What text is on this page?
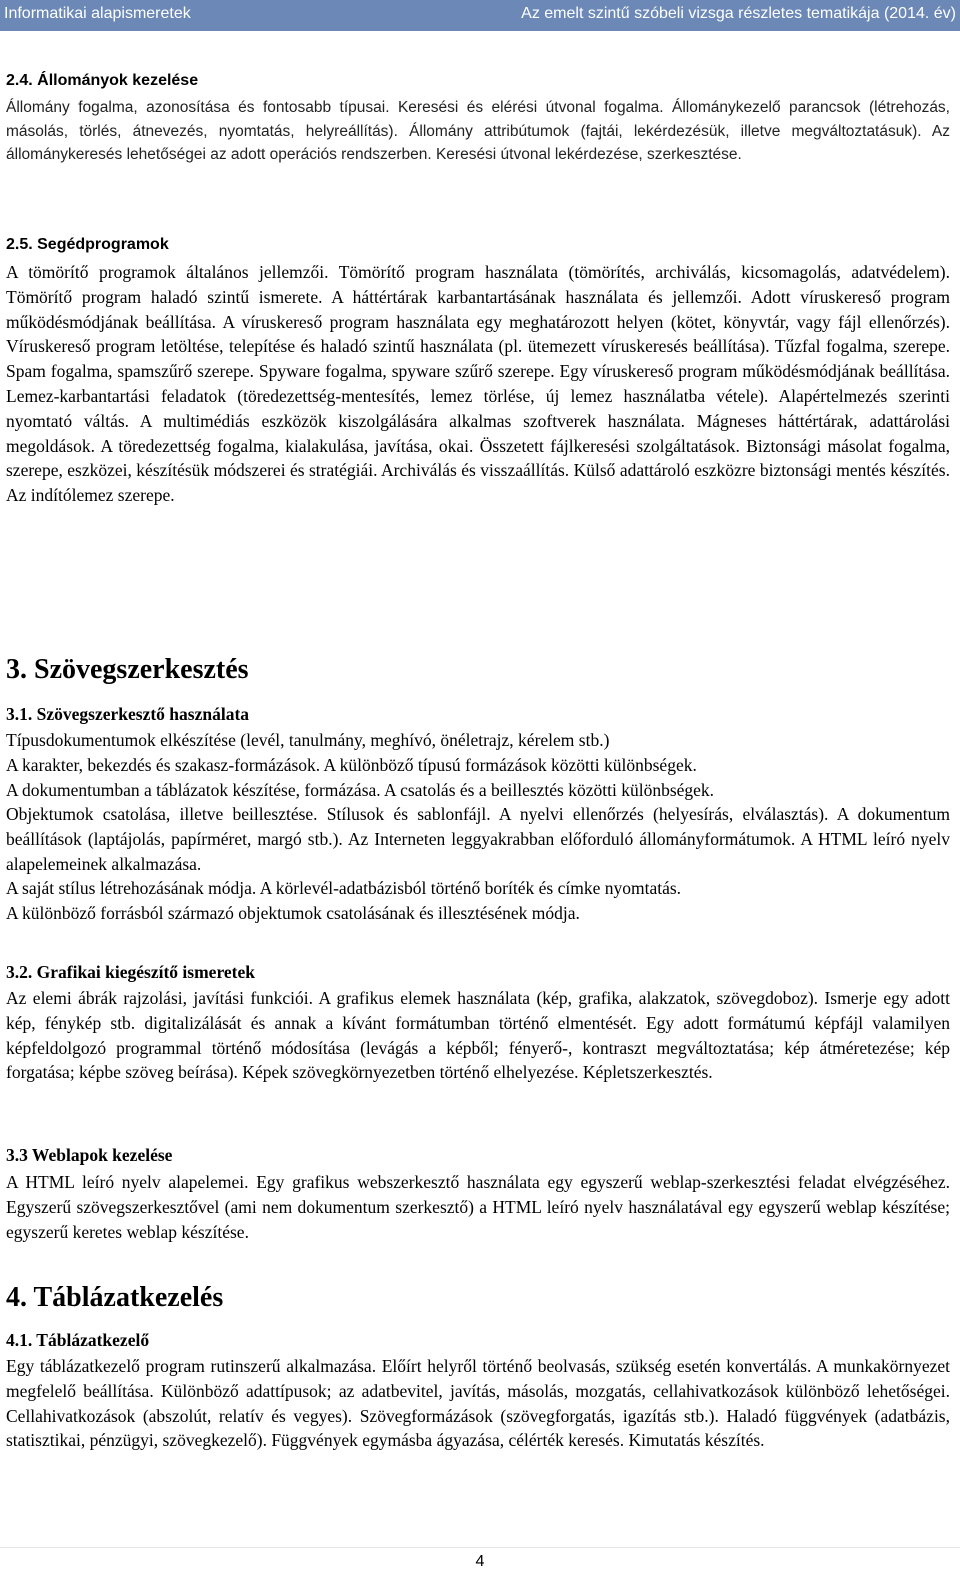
Informatikai alapismeretek	Az emelt szintű szóbeli vizsga részletes tematikája (2014. év)
2.4. Állományok kezelése
Állomány fogalma, azonosítása és fontosabb típusai. Keresési és elérési útvonal fogalma. Állománykezelő parancsok (létrehozás, másolás, törlés, átnevezés, nyomtatás, helyreállítás). Állomány attribútumok (fajtái, lekérdezésük, illetve megváltoztatásuk). Az állománykeresés lehetőségei az adott operációs rendszerben. Keresési útvonal lekérdezése, szerkesztése.
2.5. Segédprogramok
A tömörítő programok általános jellemzői. Tömörítő program használata (tömörítés, archiválás, kicsomagolás, adatvédelem). Tömörítő program haladó szintű ismerete. A háttértárak karbantartásának használata és jellemzői. Adott víruskereső program működésmódjának beállítása. A víruskereső program használata egy meghatározott helyen (kötet, könyvtár, vagy fájl ellenőrzés). Víruskereső program letöltése, telepítése és haladó szintű használata (pl. ütemezett víruskeresés beállítása). Tűzfal fogalma, szerepe. Spam fogalma, spamszűrő szerepe. Spyware fogalma, spyware szűrő szerepe. Egy víruskereső program működésmódjának beállítása. Lemez-karbantartási feladatok (töredezettség-mentesítés, lemez törlése, új lemez használatba vétele). Alapértelmezés szerinti nyomtató váltás. A multimédiás eszközök kiszolgálására alkalmas szoftverek használata. Mágneses háttértárak, adattárolási megoldások. A töredezettség fogalma, kialakulása, javítása, okai. Összetett fájlkeresési szolgáltatások. Biztonsági másolat fogalma, szerepe, eszközei, készítésük módszerei és stratégiái. Archiválás és visszaállítás. Külső adattároló eszközre biztonsági mentés készítés. Az indítólemez szerepe.
3. Szövegszerkesztés
3.1. Szövegszerkesztő használata
Típusdokumentumok elkészítése (levél, tanulmány, meghívó, önéletrajz, kérelem stb.)
A karakter, bekezdés és szakasz-formázások. A különböző típusú formázások közötti különbségek.
A dokumentumban a táblázatok készítése, formázása. A csatolás és a beillesztés közötti különbségek.
Objektumok csatolása, illetve beillesztése. Stílusok és sablonfájl. A nyelvi ellenőrzés (helyesírás, elválasztás). A dokumentum beállítások (laptájolás, papírméret, margó stb.). Az Interneten leggyakrabban előforduló állományformátumok. A HTML leíró nyelv alapelemeinek alkalmazása.
A saját stílus létrehozásának módja. A körlevél-adatbázisból történő boríték és címke nyomtatás.
A különböző forrásból származó objektumok csatolásának és illesztésének módja.
3.2. Grafikai kiegészítő ismeretek
Az elemi ábrák rajzolási, javítási funkciói. A grafikus elemek használata (kép, grafika, alakzatok, szövegdoboz). Ismerje egy adott kép, fénykép stb. digitalizálását és annak a kívánt formátumban történő elmentését. Egy adott formátumú képfájl valamilyen képfeldolgozó programmal történő módosítása (levágás a képből; fényerő-, kontraszt megváltoztatása; kép átméretezése; kép forgatása; képbe szöveg beírása). Képek szövegkörnyezetben történő elhelyezése. Képletszerkesztés.
3.3 Weblapok kezelése
A HTML leíró nyelv alapelemei. Egy grafikus webszerkesztő használata egy egyszerű weblap-szerkesztési feladat elvégzéséhez. Egyszerű szövegszerkesztővel (ami nem dokumentum szerkesztő) a HTML leíró nyelv használatával egy egyszerű weblap készítése; egyszerű keretes weblap készítése.
4. Táblázatkezelés
4.1. Táblázatkezelő
Egy táblázatkezelő program rutinszerű alkalmazása. Előírt helyről történő beolvasás, szükség esetén konvertálás. A munkakörnyezet megfelelő beállítása. Különböző adattípusok; az adatbevitel, javítás, másolás, mozgatás, cellahivatkozások különböző lehetőségei. Cellahivatkozások (abszolút, relatív és vegyes). Szövegformázások (szövegforgatás, igazítás stb.). Haladó függvények (adatbázis, statisztikai, pénzügyi, szövegkezelő). Függvények egymásba ágyazása, célérték keresés. Kimutatás készítés.
4
